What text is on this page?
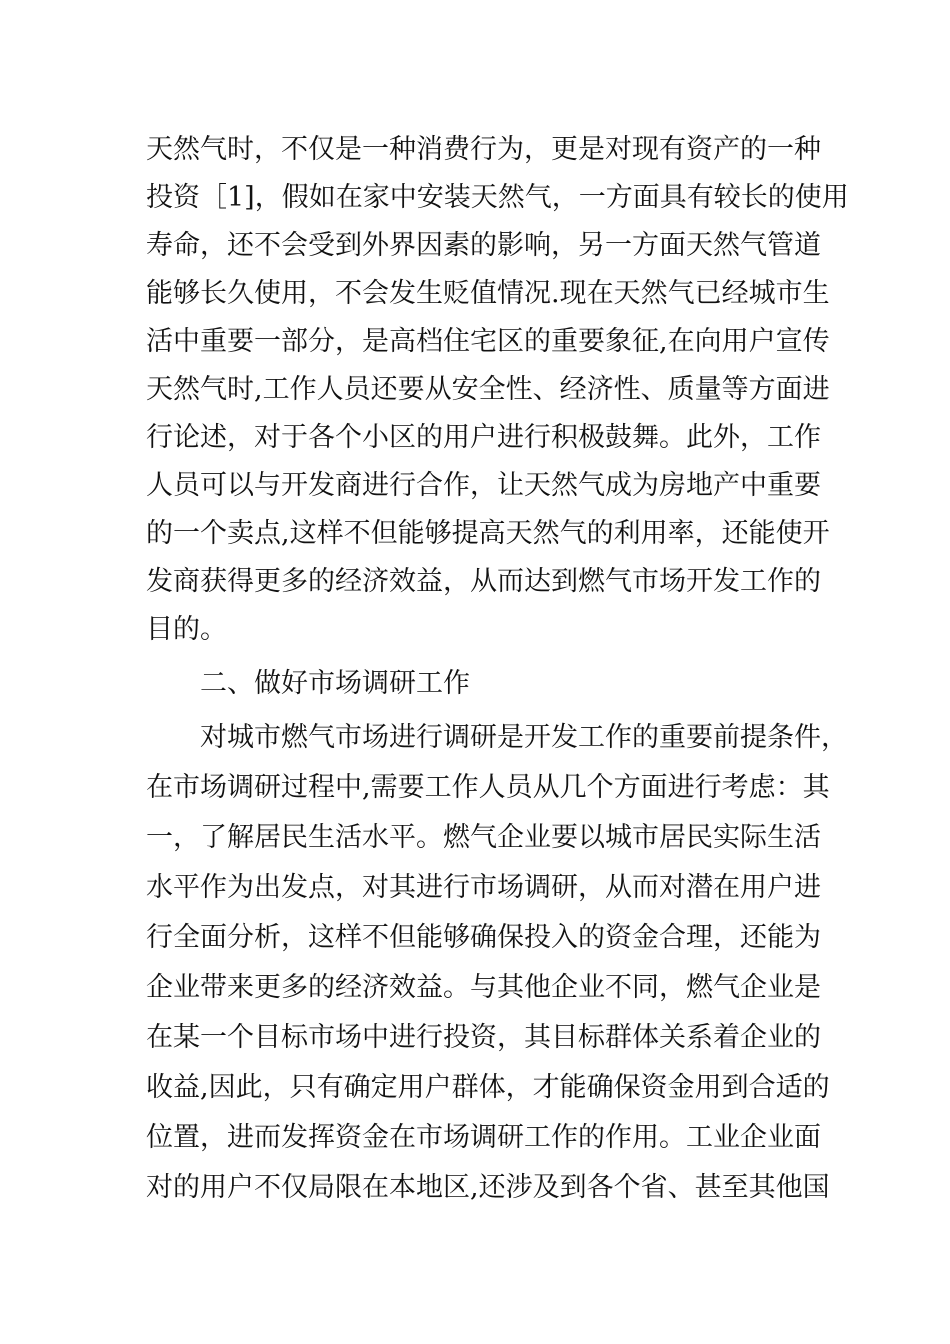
天然气时，不仅是一种消费行为，更是对现有资产的一种
投资［1]，假如在家中安装天然气，一方面具有较长的使用
寿命，还不会受到外界因素的影响，另一方面天然气管道
能够长久使用，不会发生贬值情况.现在天然气已经城市生
活中重要一部分，是高档住宅区的重要象征,在向用户宣传
天然气时,工作人员还要从安全性、经济性、质量等方面进
行论述，对于各个小区的用户进行积极鼓舞。此外，工作
人员可以与开发商进行合作，让天然气成为房地产中重要
的一个卖点,这样不但能够提高天然气的利用率，还能使开
发商获得更多的经济效益，从而达到燃气市场开发工作的
目的。
二、做好市场调研工作
对城市燃气市场进行调研是开发工作的重要前提条件，
在市场调研过程中,需要工作人员从几个方面进行考虑：其
一，了解居民生活水平。燃气企业要以城市居民实际生活
水平作为出发点，对其进行市场调研，从而对潜在用户进
行全面分析，这样不但能够确保投入的资金合理，还能为
企业带来更多的经济效益。与其他企业不同，燃气企业是
在某一个目标市场中进行投资，其目标群体关系着企业的
收益,因此，只有确定用户群体，才能确保资金用到合适的
位置，进而发挥资金在市场调研工作的作用。工业企业面
对的用户不仅局限在本地区,还涉及到各个省、甚至其他国
